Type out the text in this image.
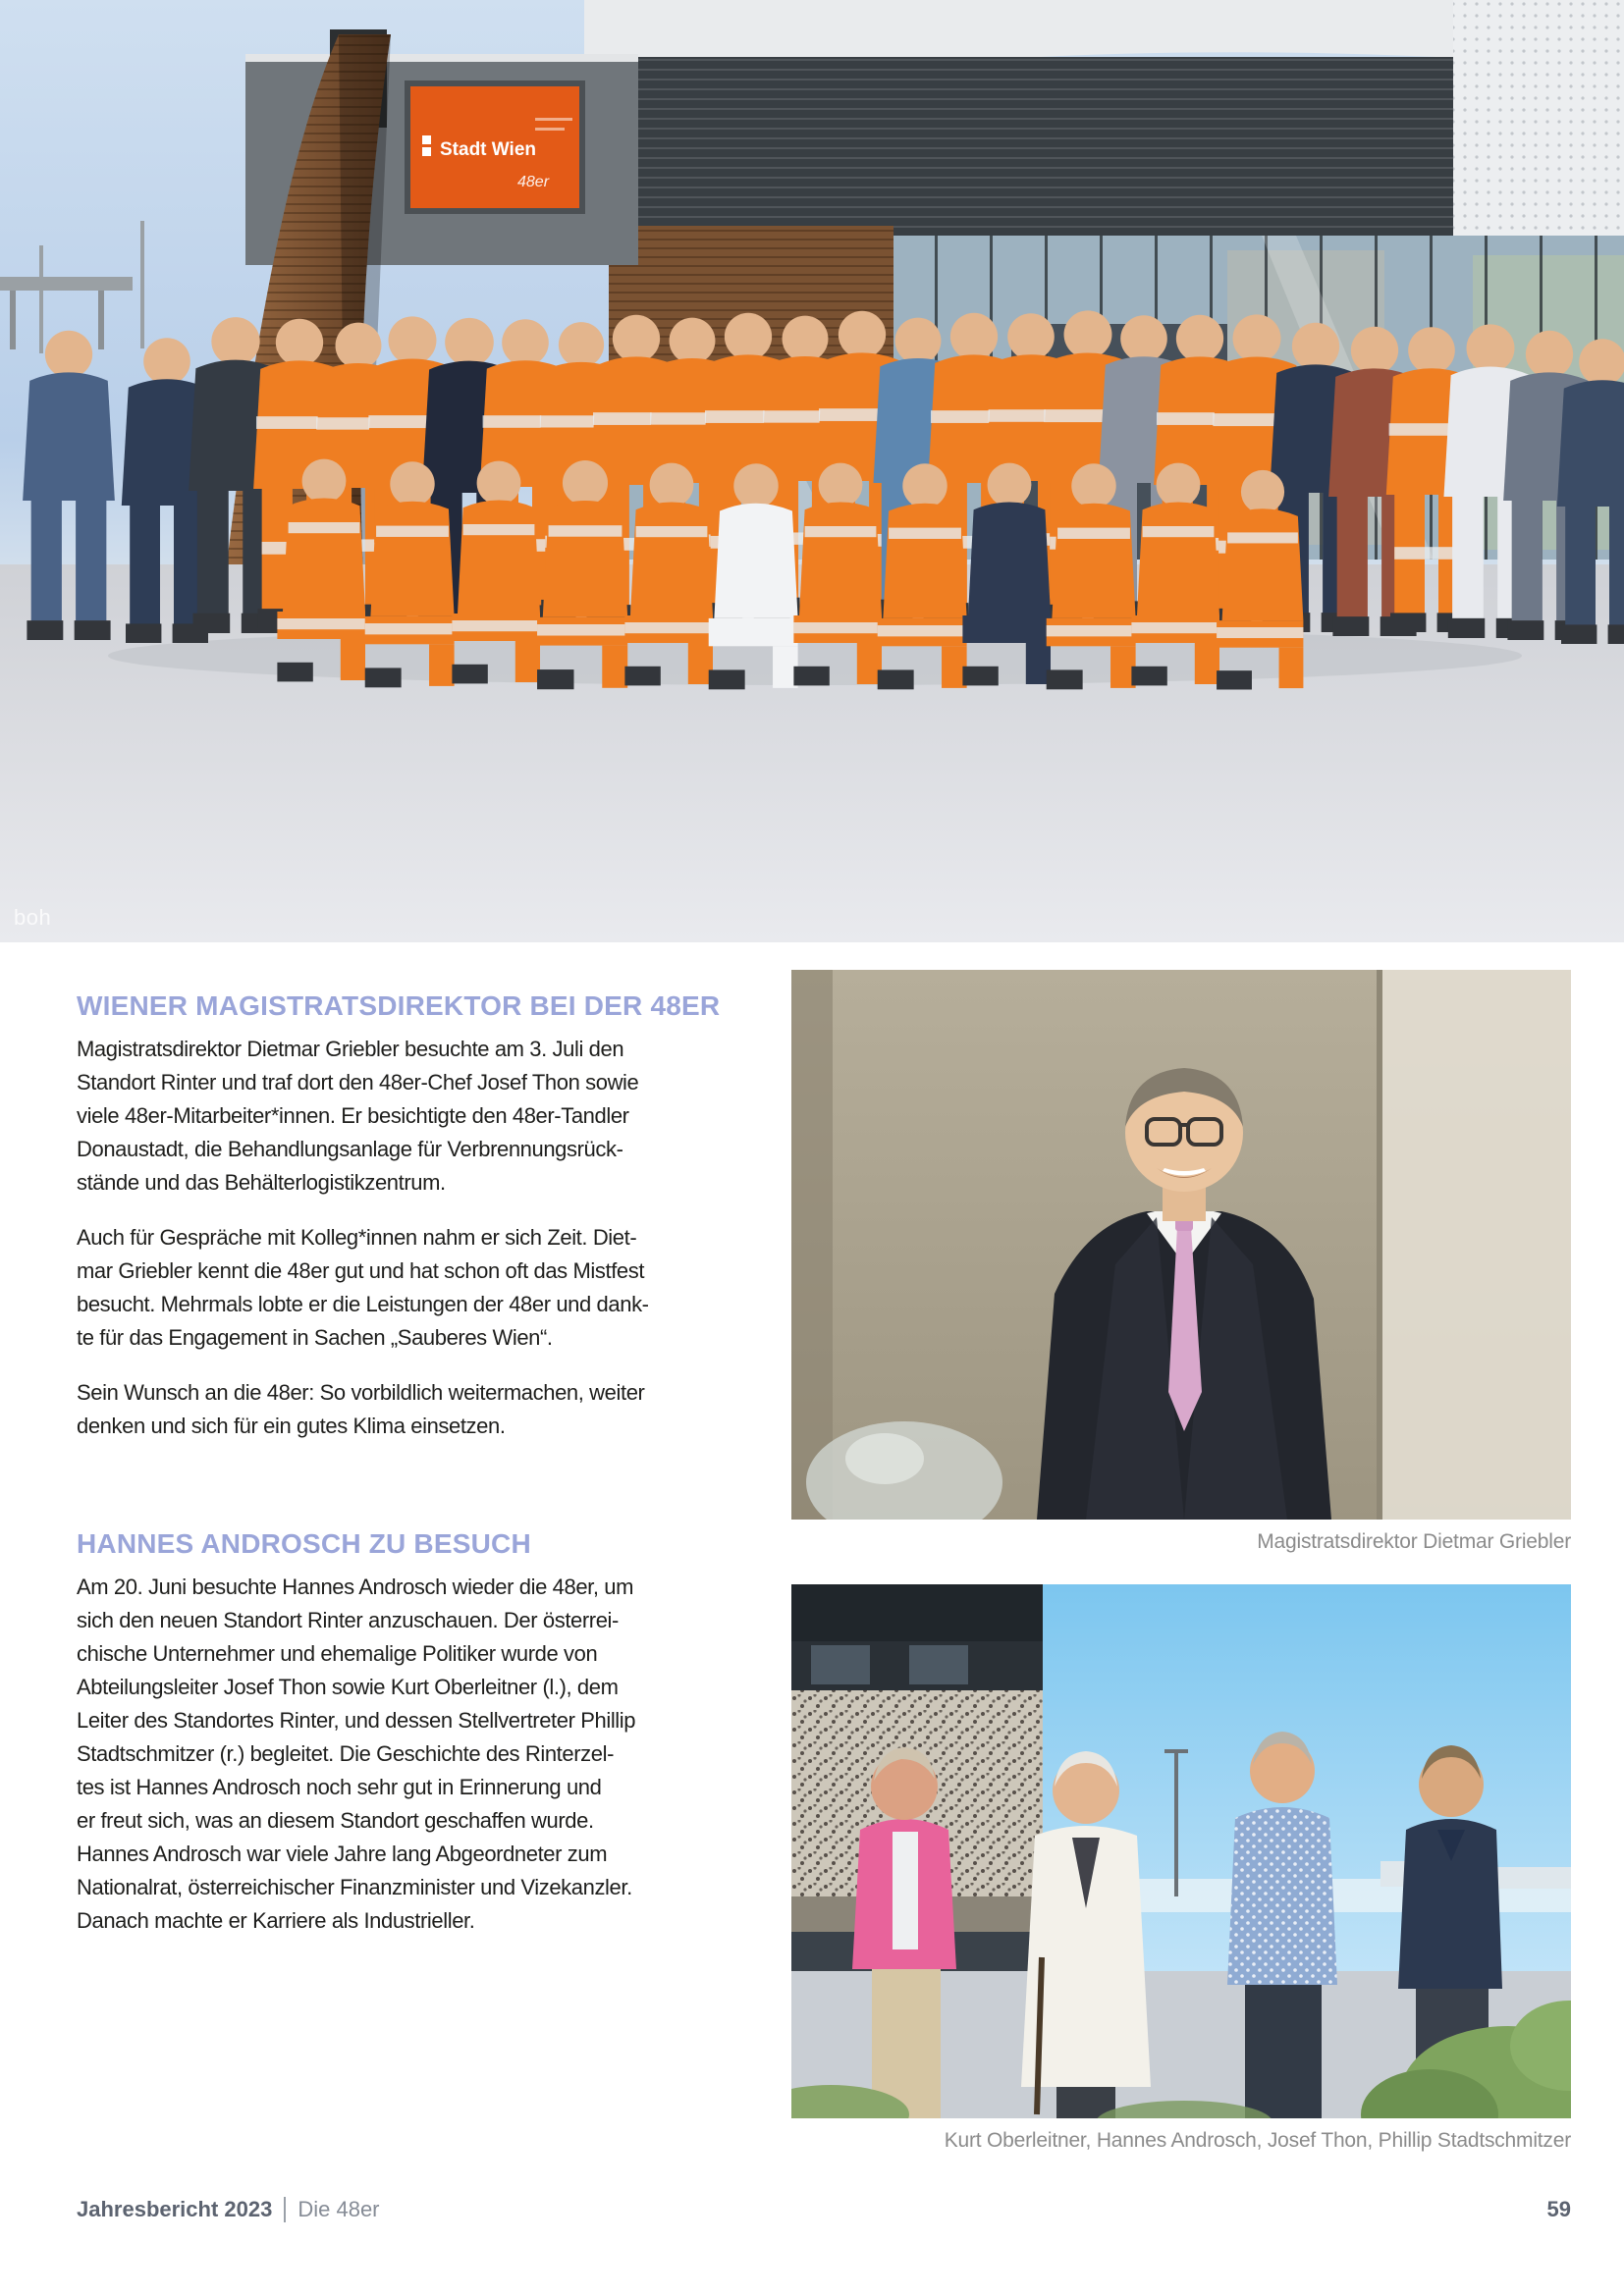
Stadt Wien
48er
boh
WIENER MAGISTRATSDIREKTOR BEI DER 48ER

Magistratsdirektor Dietmar Griebler besuchte am 3. Juli den
Standort Rinter und traf dort den 48er-Chef Josef Thon sowie
viele 48er-Mitarbeiter*innen. Er besichtigte den 48er-Tandler
Donaustadt, die Behandlungsanlage für Verbrennungsrück-
stände und das Behälterlogistikzentrum.

Auch für Gespräche mit Kolleg*innen nahm er sich Zeit. Diet-
mar Griebler kennt die 48er gut und hat schon oft das Mistfest
besucht. Mehrmals lobte er die Leistungen der 48er und dank-
te für das Engagement in Sachen „Sauberes Wien“.

Sein Wunsch an die 48er: So vorbildlich weitermachen, weiter
denken und sich für ein gutes Klima einsetzen.

HANNES ANDROSCH ZU BESUCH

Am 20. Juni besuchte Hannes Androsch wieder die 48er, um
sich den neuen Standort Rinter anzuschauen. Der österrei-
chische Unternehmer und ehemalige Politiker wurde von
Abteilungsleiter Josef Thon sowie Kurt Oberleitner (l.), dem
Leiter des Standortes Rinter, und dessen Stellvertreter Phillip
Stadtschmitzer (r.) begleitet. Die Geschichte des Rinterzel-
tes ist Hannes Androsch noch sehr gut in Erinnerung und
er freut sich, was an diesem Standort geschaffen wurde.
Hannes Androsch war viele Jahre lang Abgeordneter zum
Nationalrat, österreichischer Finanzminister und Vizekanzler.
Danach machte er Karriere als Industrieller.

Magistratsdirektor Dietmar Griebler
Kurt Oberleitner, Hannes Androsch, Josef Thon, Phillip Stadtschmitzer
Jahresbericht 2023	Die 48er	59
